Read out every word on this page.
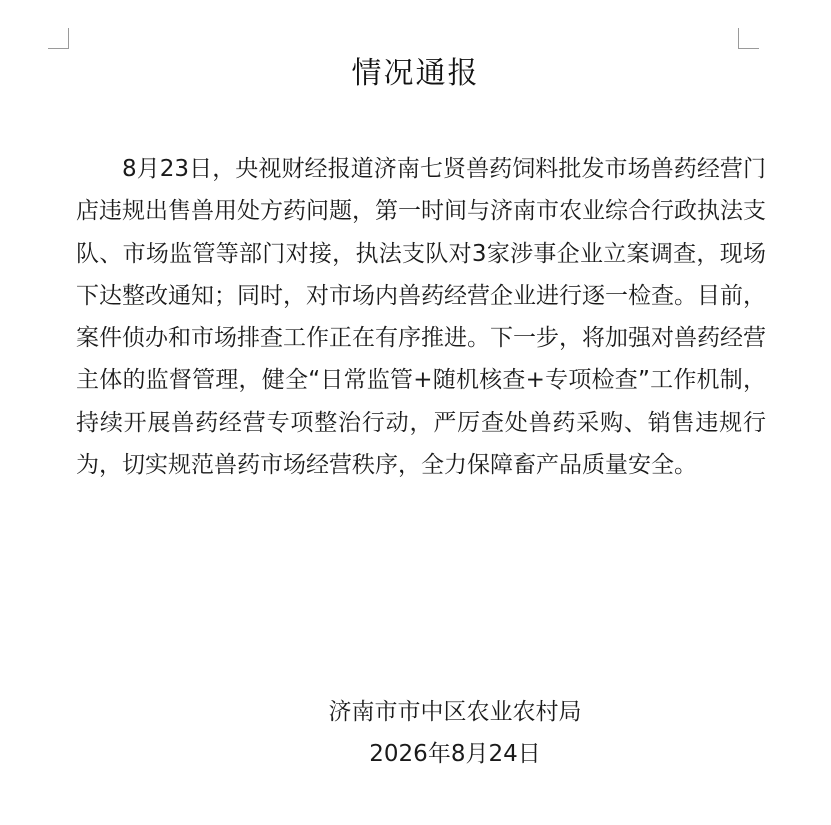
情况通报

8月23日，央视财经报道济南七贤兽药饲料批发市场兽药经营门店违规出售兽用处方药问题，第一时间与济南市农业综合行政执法支队、市场监管等部门对接，执法支队对3家涉事企业立案调查，现场下达整改通知；同时，对市场内兽药经营企业进行逐一检查。目前，案件侦办和市场排查工作正在有序推进。下一步，将加强对兽药经营主体的监督管理，健全“日常监管+随机核查+专项检查”工作机制，持续开展兽药经营专项整治行动，严厉查处兽药采购、销售违规行为，切实规范兽药市场经营秩序，全力保障畜产品质量安全。

济南市市中区农业农村局
2026年8月24日
